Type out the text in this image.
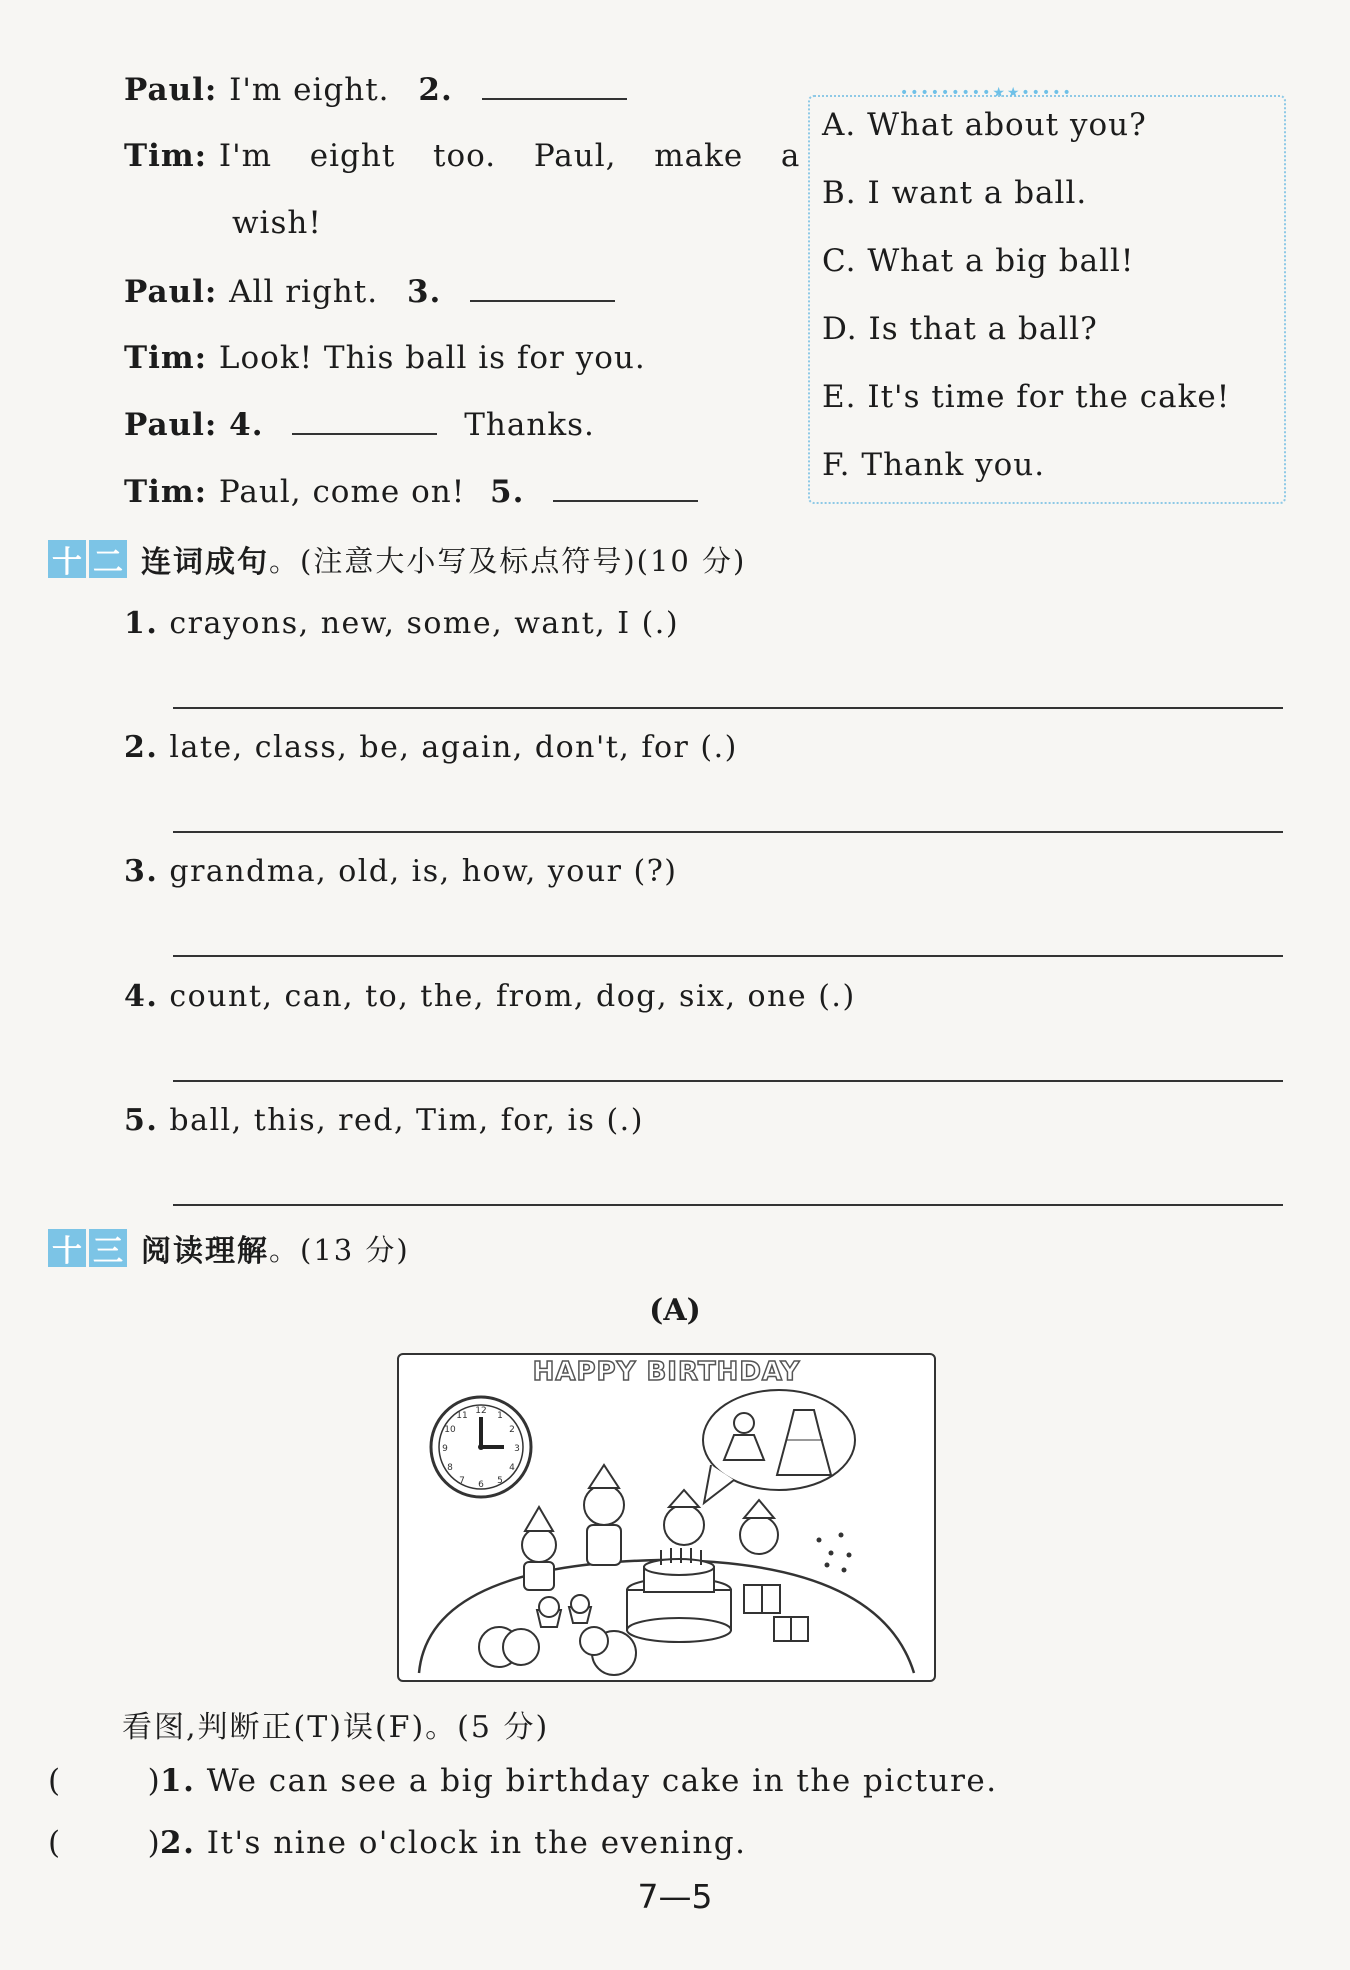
Paul: I'm eight. 2.
Tim: I'm  eight  too.  Paul,  make  a
wish!
Paul: All right. 3.
Tim: Look! This ball is for you.
Paul: 4.	Thanks.
Tim: Paul, come on! 5.
•••••••••★★•••••
A. What about you?
B. I want a ball.
C. What a big ball!
D. Is that a ball?
E. It's time for the cake!
F. Thank you.
十 二 连词成句 。(注意大小写及标点符号)(10 分)
1. crayons, new, some, want, I (.)
2. late, class, be, again, don't, for (.)
3. grandma, old, is, how, your (?)
4. count, can, to, the, from, dog, six, one (.)
5. ball, this, red, Tim, for, is (.)
十 三 阅读理解 。(13 分)
(A)
HAPPY BIRTHDAY
12
3
6
9
1
2
4
5
7
8
10
11
看图,判断正(T)误(F)。(5 分)
(	)1. We can see a big birthday cake in the picture.
(	)2. It's nine o'clock in the evening.
7—5
